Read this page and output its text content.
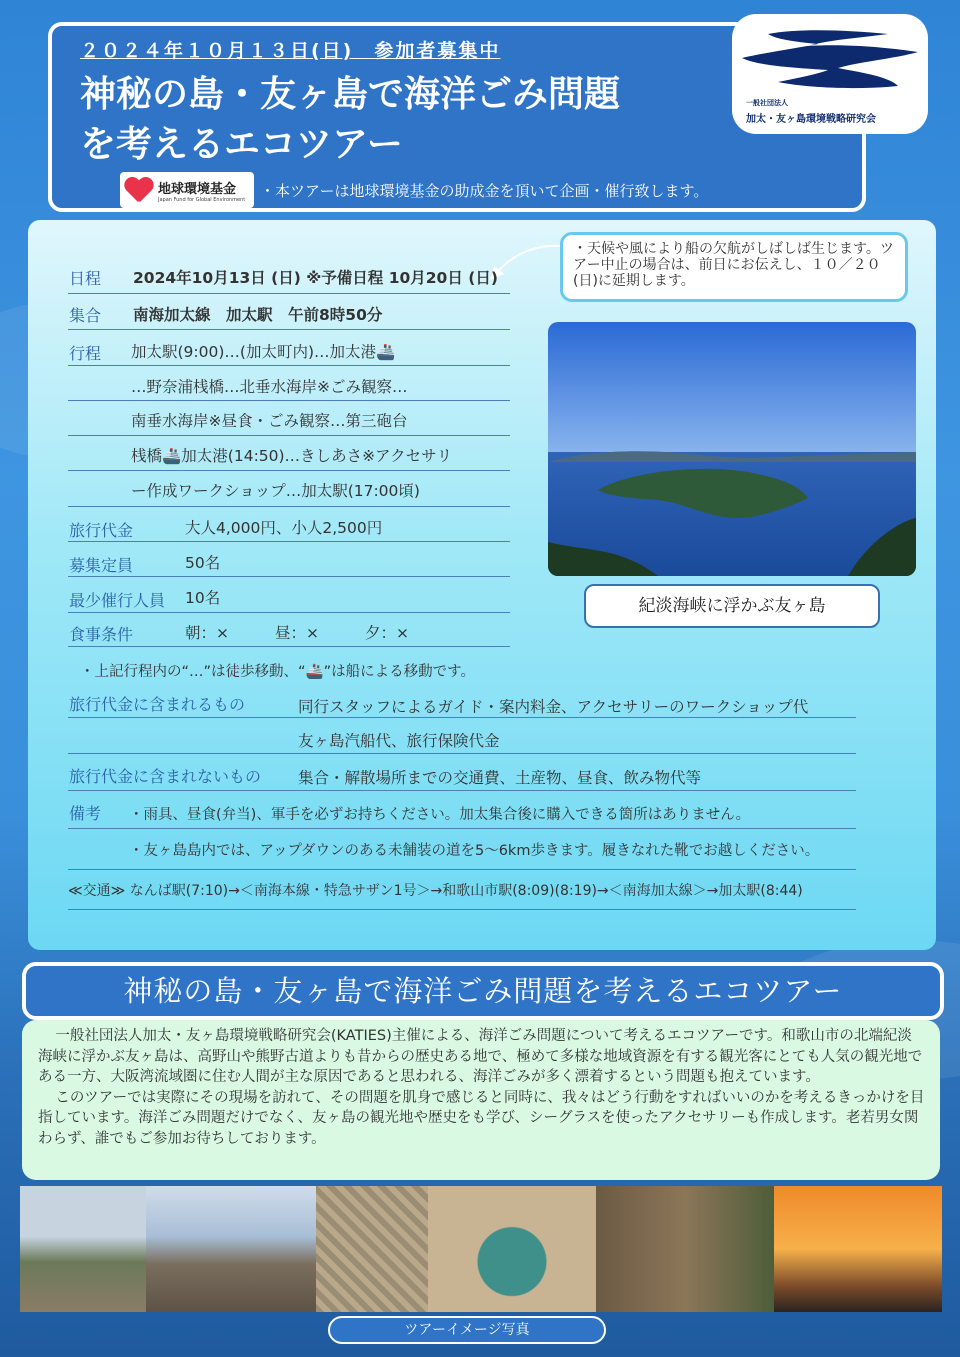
２０２４年１０月１３日(日)　参加者募集中
神秘の島・友ヶ島で海洋ごみ問題
を考えるエコツアー
地球環境基金
Japan Fund for Global Environment ・本ツアーは地球環境基金の助成金を頂いて企画・催行致します。
一般社団法人
加太・友ヶ島環境戦略研究会
・天候や風により船の欠航がしばしば生じます。ツアー中止の場合は、前日にお伝えし、１０／２０(日)に延期します。
日程 2024年10月13日 (日) ※予備日程 10月20日 (日)
集合 南海加太線　加太駅　午前8時50分
行程 加太駅(9:00)…(加太町内)…加太港🚢
…野奈浦桟橋…北垂水海岸※ごみ観察…
南垂水海岸※昼食・ごみ観察…第三砲台
桟橋🚢加太港(14:50)…きしあさ※アクセサリ
ー作成ワークショップ…加太駅(17:00頃)
旅行代金	大人4,000円、小人2,500円
募集定員	50名
最少催行人員 10名
食事条件	朝：×	昼：×	夕：×
・上記行程内の“…”は徒歩移動、“🚢”は船による移動です。
旅行代金に含まれるもの	同行スタッフによるガイド・案内料金、アクセサリーのワークショップ代
友ヶ島汽船代、旅行保険代金
旅行代金に含まれないもの 集合・解散場所までの交通費、土産物、昼食、飲み物代等
備考 ・雨具、昼食(弁当)、軍手を必ずお持ちください。加太集合後に購入できる箇所はありません。
・友ヶ島島内では、アップダウンのある未舗装の道を5〜6km歩きます。履きなれた靴でお越しください。
≪交通≫ なんば駅(7:10)→＜南海本線・特急サザン1号＞→和歌山市駅(8:09)(8:19)→＜南海加太線＞→加太駅(8:44)
紀淡海峡に浮かぶ友ヶ島
神秘の島・友ヶ島で海洋ごみ問題を考えるエコツアー

一般社団法人加太・友ヶ島環境戦略研究会(KATIES)主催による、海洋ごみ問題について考えるエコツアーです。和歌山市の北端紀淡海峡に浮かぶ友ヶ島は、高野山や熊野古道よりも昔からの歴史ある地で、極めて多様な地域資源を有する観光客にとても人気の観光地である一方、大阪湾流域圏に住む人間が主な原因であると思われる、海洋ごみが多く漂着するという問題も抱えています。

このツアーでは実際にその現場を訪れて、その問題を肌身で感じると同時に、我々はどう行動をすればいいのかを考えるきっかけを目指しています。海洋ごみ問題だけでなく、友ヶ島の観光地や歴史をも学び、シーグラスを使ったアクセサリーも作成します。老若男女関わらず、誰でもご参加お待ちしております。

ツアーイメージ写真
